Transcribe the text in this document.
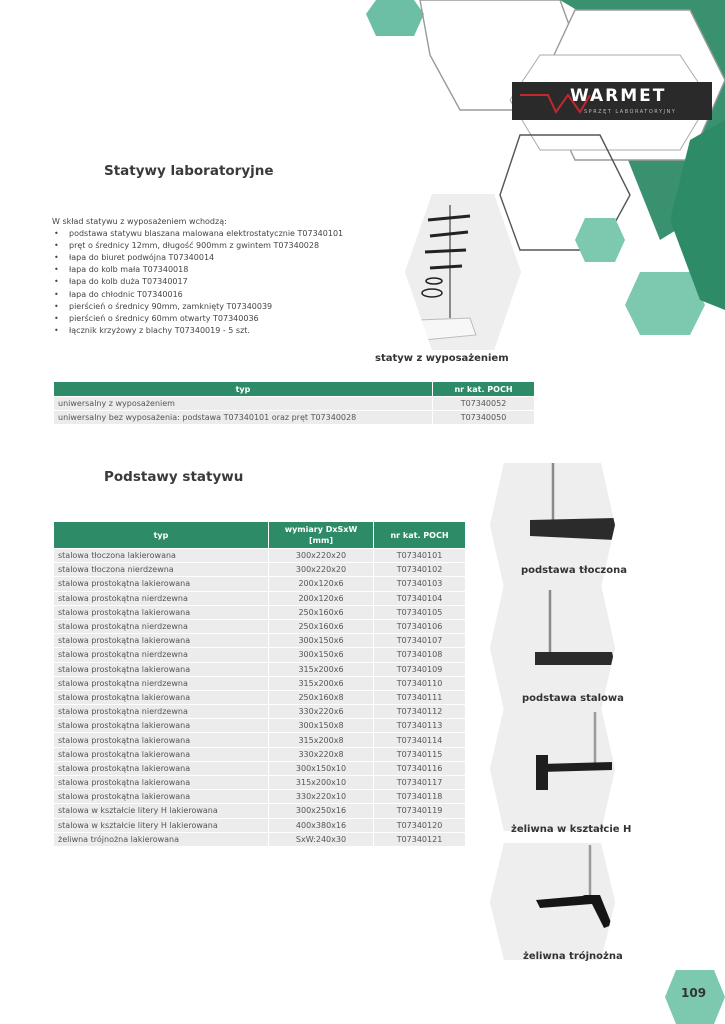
WARMET
SPRZĘT LABORATORYJNY
Statywy laboratoryjne
W skład statywu z wyposażeniem wchodzą:
• podstawa statywu blaszana malowana elektrostatycznie T07340101
• pręt o średnicy 12mm, długość 900mm z gwintem T07340028
• łapa do biuret podwójna T07340014
• łapa do kolb mała T07340018
• łapa do kolb duża T07340017
• łapa do chłodnic T07340016
• pierścień o średnicy 90mm, zamknięty T07340039
• pierścień o średnicy 60mm otwarty T07340036
• łącznik krzyżowy z blachy T07340019 - 5 szt.
statyw z wyposażeniem
typ	nr kat. POCH
uniwersalny z wyposażeniem	T07340052
uniwersalny bez wyposażenia: podstawa T07340101 oraz pręt T07340028	T07340050
Podstawy statywu
typ	wymiary DxSxW [mm]	nr kat. POCH
stalowa tłoczona lakierowana	300x220x20	T07340101
stalowa tłoczona nierdzewna	300x220x20	T07340102
stalowa prostokątna lakierowana	200x120x6	T07340103
stalowa prostokątna nierdzewna	200x120x6	T07340104
stalowa prostokątna lakierowana	250x160x6	T07340105
stalowa prostokątna nierdzewna	250x160x6	T07340106
stalowa prostokątna lakierowana	300x150x6	T07340107
stalowa prostokątna nierdzewna	300x150x6	T07340108
stalowa prostokątna lakierowana	315x200x6	T07340109
stalowa prostokątna nierdzewna	315x200x6	T07340110
stalowa prostokątna lakierowana	250x160x8	T07340111
stalowa prostokątna nierdzewna	330x220x6	T07340112
stalowa prostokątna lakierowana	300x150x8	T07340113
stalowa prostokątna lakierowana	315x200x8	T07340114
stalowa prostokątna lakierowana	330x220x8	T07340115
stalowa prostokątna lakierowana	300x150x10	T07340116
stalowa prostokątna lakierowana	315x200x10	T07340117
stalowa prostokątna lakierowana	330x220x10	T07340118
stalowa w kształcie litery H lakierowana	300x250x16	T07340119
stalowa w kształcie litery H lakierowana	400x380x16	T07340120
żeliwna trójnożna lakierowana	SxW:240x30	T07340121
podstawa tłoczona
podstawa stalowa
żeliwna w kształcie H
żeliwna trójnożna
109
